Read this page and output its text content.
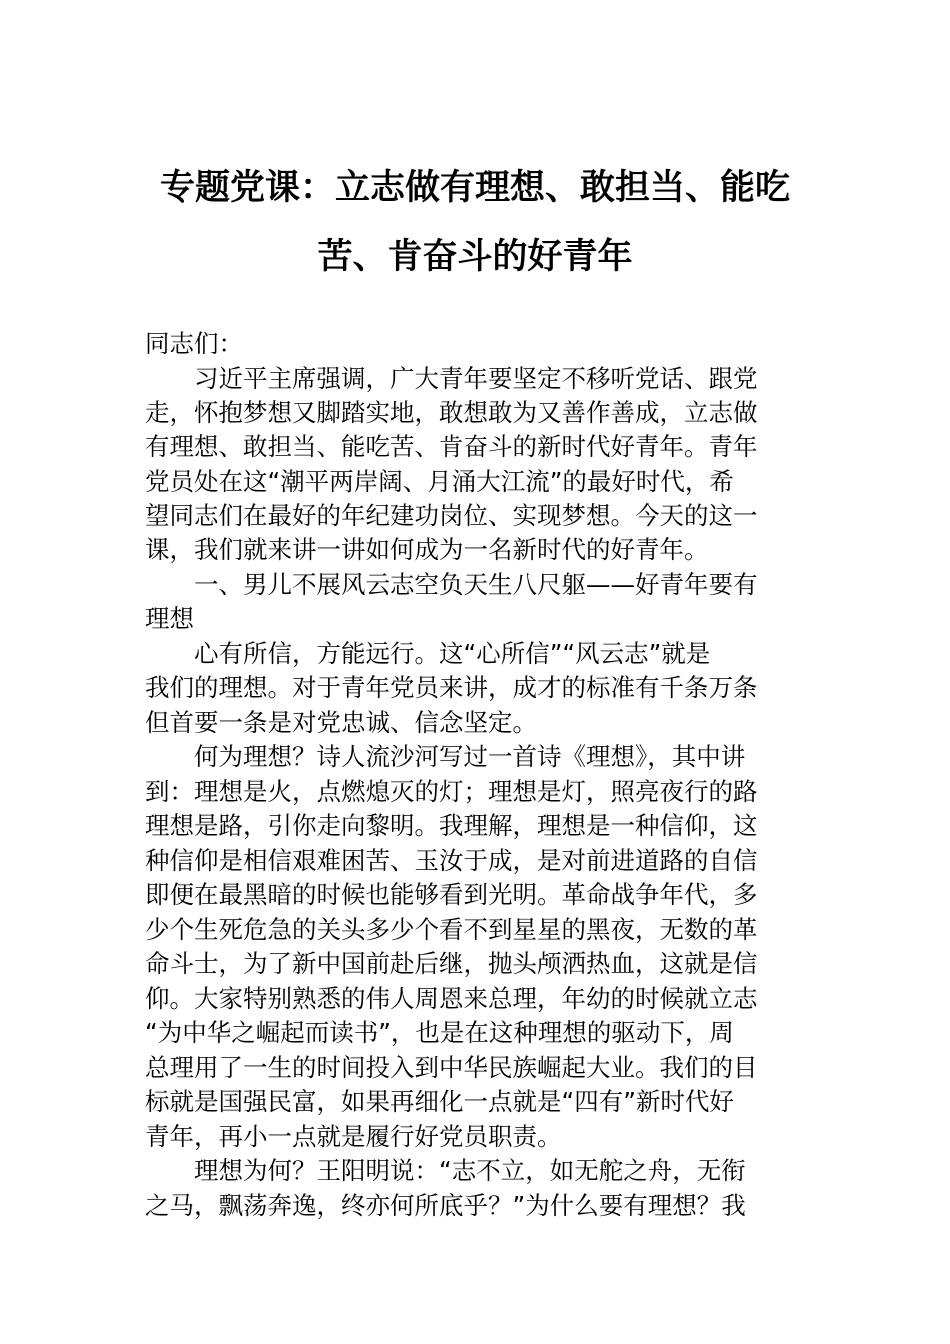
专题党课：立志做有理想、敢担当、能吃
苦、肯奋斗的好青年

同志们：

习近平主席强调，广大青年要坚定不移听党话、跟党

走，怀抱梦想又脚踏实地，敢想敢为又善作善成，立志做

有理想、敢担当、能吃苦、肯奋斗的新时代好青年。青年

党员处在这“潮平两岸阔、月涌大江流”的最好时代，希

望同志们在最好的年纪建功岗位、实现梦想。今天的这一

课，我们就来讲一讲如何成为一名新时代的好青年。

一、男儿不展风云志空负天生八尺躯——好青年要有

理想

心有所信，方能远行。这“心所信”“风云志”就是

我们的理想。对于青年党员来讲，成才的标准有千条万条

但首要一条是对党忠诚、信念坚定。

何为理想？诗人流沙河写过一首诗《理想》，其中讲

到：理想是火，点燃熄灭的灯；理想是灯，照亮夜行的路

理想是路，引你走向黎明。我理解，理想是一种信仰，这

种信仰是相信艰难困苦、玉汝于成，是对前进道路的自信

即便在最黑暗的时候也能够看到光明。革命战争年代，多

少个生死危急的关头多少个看不到星星的黑夜，无数的革

命斗士，为了新中国前赴后继，抛头颅洒热血，这就是信

仰。大家特别熟悉的伟人周恩来总理，年幼的时候就立志

“为中华之崛起而读书”，也是在这种理想的驱动下，周

总理用了一生的时间投入到中华民族崛起大业。我们的目

标就是国强民富，如果再细化一点就是“四有”新时代好

青年，再小一点就是履行好党员职责。

理想为何？王阳明说：“志不立，如无舵之舟，无衔

之马，飘荡奔逸，终亦何所底乎？”为什么要有理想？我
